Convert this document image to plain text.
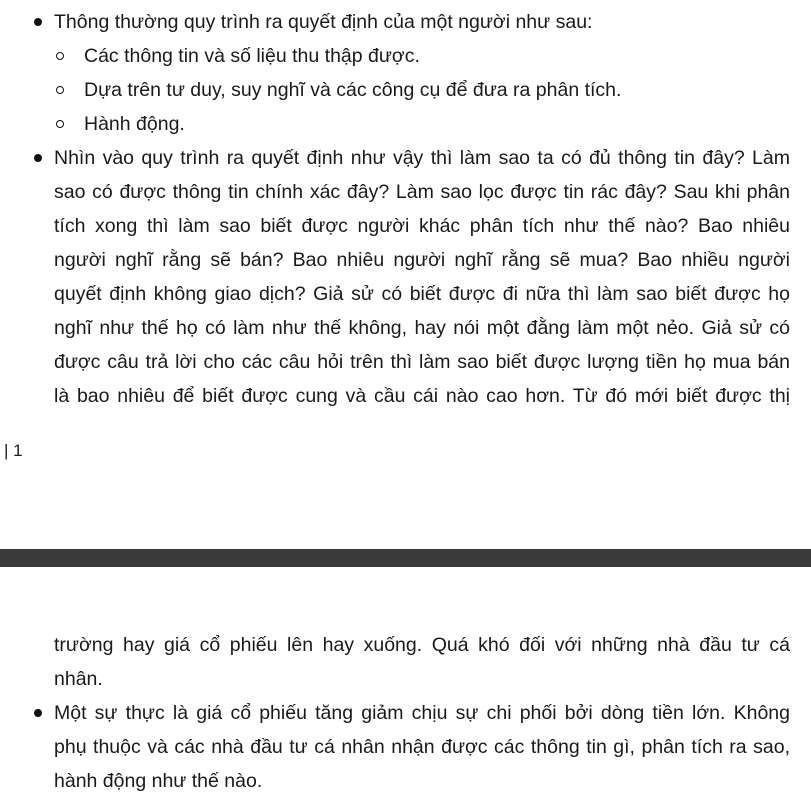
Thông thường quy trình ra quyết định của một người như sau:
Các thông tin và số liệu thu thập được.
Dựa trên tư duy, suy nghĩ và các công cụ để đưa ra phân tích.
Hành động.
Nhìn vào quy trình ra quyết định như vậy thì làm sao ta có đủ thông tin đây? Làm
sao có được thông tin chính xác đây? Làm sao lọc được tin rác đây? Sau khi phân
tích xong thì làm sao biết được người khác phân tích như thế nào? Bao nhiêu
người nghĩ rằng sẽ bán? Bao nhiêu người nghĩ rằng sẽ mua? Bao nhiều người
quyết định không giao dịch? Giả sử có biết được đi nữa thì làm sao biết được họ
nghĩ như thế họ có làm như thế không, hay nói một đằng làm một nẻo. Giả sử có
được câu trả lời cho các câu hỏi trên thì làm sao biết được lượng tiền họ mua bán
là bao nhiêu để biết được cung và cầu cái nào cao hơn. Từ đó mới biết được thị
| 1
trường hay giá cổ phiếu lên hay xuống. Quá khó đối với những nhà đầu tư cá
nhân.
Một sự thực là giá cổ phiếu tăng giảm chịu sự chi phối bởi dòng tiền lớn. Không
phụ thuộc và các nhà đầu tư cá nhân nhận được các thông tin gì, phân tích ra sao,
hành động như thế nào.
